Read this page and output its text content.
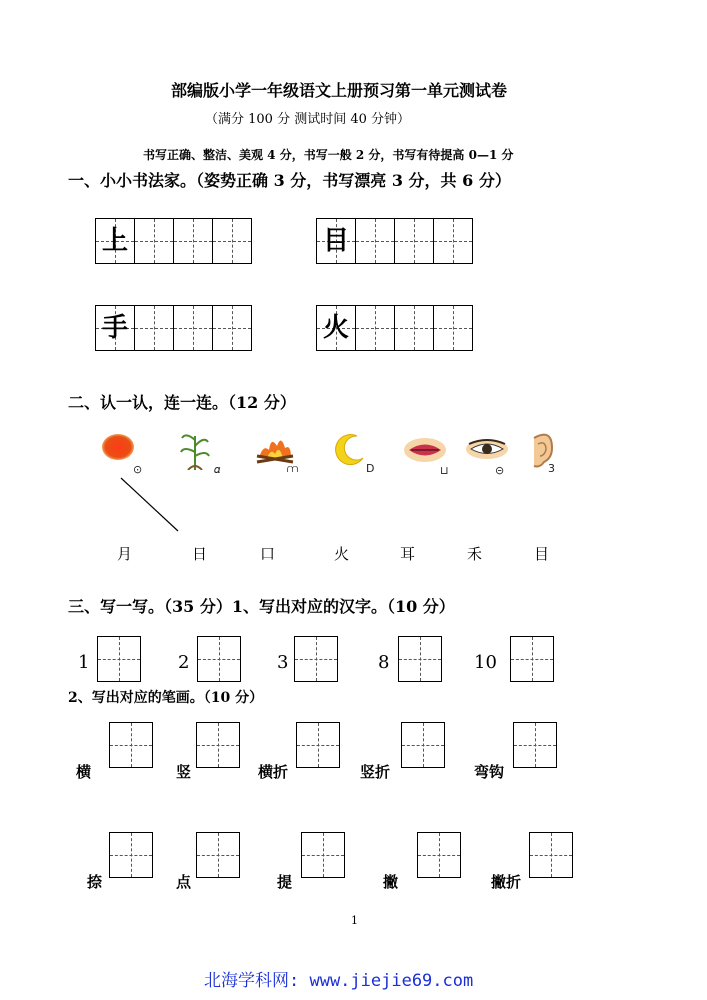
部编版小学一年级语文上册预习第一单元测试卷
（满分 100 分 测试时间 40 分钟）
书写正确、整洁、美观 4 分，书写一般 2 分，书写有待提高 0—1 分
一、小小书法家。（姿势正确 3 分，书写漂亮 3 分，共 6 分）
上	目
手	火
二、认一认，连一连。（12 分）
⊙	𝛼	⩋	D	⊔	⊝	3
月	日	口	火	耳	禾	目
三、写一写。（35 分）1、写出对应的汉字。（10 分）
1	2	3	8	10
2、写出对应的笔画。（10 分）
横	竖	横折	竖折	弯钩
捺	点	提	撇	撇折
1
北海学科网: www.jiejie69.com
